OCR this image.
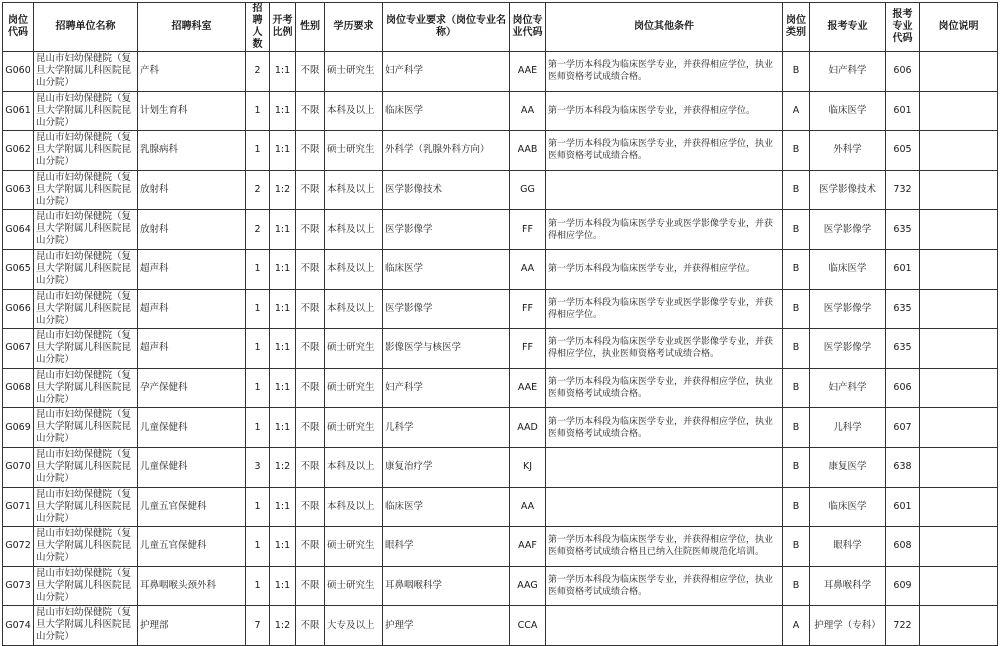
岗位代码	招聘单位名称	招聘科室	招聘人数	开考比例	性别	学历要求	岗位专业要求（岗位专业名称）	岗位专业代码	岗位其他条件	岗位类别	报考专业	报考专业代码	岗位说明
G060	昆山市妇幼保健院（复旦大学附属儿科医院昆山分院）	产科	2	1:1	不限	硕士研究生	妇产科学	AAE	第一学历本科段为临床医学专业，并获得相应学位，执业医师资格考试成绩合格。	B	妇产科学	606	
G061	昆山市妇幼保健院（复旦大学附属儿科医院昆山分院）	计划生育科	1	1:1	不限	本科及以上	临床医学	AA	第一学历本科段为临床医学专业，并获得相应学位。	A	临床医学	601	
G062	昆山市妇幼保健院（复旦大学附属儿科医院昆山分院）	乳腺病科	1	1:1	不限	硕士研究生	外科学（乳腺外科方向）	AAB	第一学历本科段为临床医学专业，并获得相应学位，执业医师资格考试成绩合格。	B	外科学	605	
G063	昆山市妇幼保健院（复旦大学附属儿科医院昆山分院）	放射科	2	1:2	不限	本科及以上	医学影像技术	GG		B	医学影像技术	732	
G064	昆山市妇幼保健院（复旦大学附属儿科医院昆山分院）	放射科	2	1:1	不限	本科及以上	医学影像学	FF	第一学历本科段为临床医学专业或医学影像学专业，并获得相应学位。	B	医学影像学	635	
G065	昆山市妇幼保健院（复旦大学附属儿科医院昆山分院）	超声科	1	1:1	不限	本科及以上	临床医学	AA	第一学历本科段为临床医学专业，并获得相应学位。	B	临床医学	601	
G066	昆山市妇幼保健院（复旦大学附属儿科医院昆山分院）	超声科	1	1:1	不限	本科及以上	医学影像学	FF	第一学历本科段为临床医学专业或医学影像学专业，并获得相应学位。	B	医学影像学	635	
G067	昆山市妇幼保健院（复旦大学附属儿科医院昆山分院）	超声科	1	1:1	不限	硕士研究生	影像医学与核医学	FF	第一学历本科段为临床医学专业或医学影像学专业，并获得相应学位，执业医师资格考试成绩合格。	B	医学影像学	635	
G068	昆山市妇幼保健院（复旦大学附属儿科医院昆山分院）	孕产保健科	1	1:1	不限	硕士研究生	妇产科学	AAE	第一学历本科段为临床医学专业，并获得相应学位，执业医师资格考试成绩合格。	B	妇产科学	606	
G069	昆山市妇幼保健院（复旦大学附属儿科医院昆山分院）	儿童保健科	1	1:1	不限	硕士研究生	儿科学	AAD	第一学历本科段为临床医学专业，并获得相应学位，执业医师资格考试成绩合格。	B	儿科学	607	
G070	昆山市妇幼保健院（复旦大学附属儿科医院昆山分院）	儿童保健科	3	1:2	不限	本科及以上	康复治疗学	KJ		B	康复医学	638	
G071	昆山市妇幼保健院（复旦大学附属儿科医院昆山分院）	儿童五官保健科	1	1:1	不限	本科及以上	临床医学	AA		B	临床医学	601	
G072	昆山市妇幼保健院（复旦大学附属儿科医院昆山分院）	儿童五官保健科	1	1:1	不限	硕士研究生	眼科学	AAF	第一学历本科段为临床医学专业，并获得相应学位，执业医师资格考试成绩合格且已纳入住院医师规范化培训。	B	眼科学	608	
G073	昆山市妇幼保健院（复旦大学附属儿科医院昆山分院）	耳鼻咽喉头颈外科	1	1:1	不限	硕士研究生	耳鼻咽喉科学	AAG	第一学历本科段为临床医学专业，并获得相应学位，执业医师资格考试成绩合格。	B	耳鼻喉科学	609	
G074	昆山市妇幼保健院（复旦大学附属儿科医院昆山分院）	护理部	7	1:2	不限	大专及以上	护理学	CCA		A	护理学（专科）	722	
